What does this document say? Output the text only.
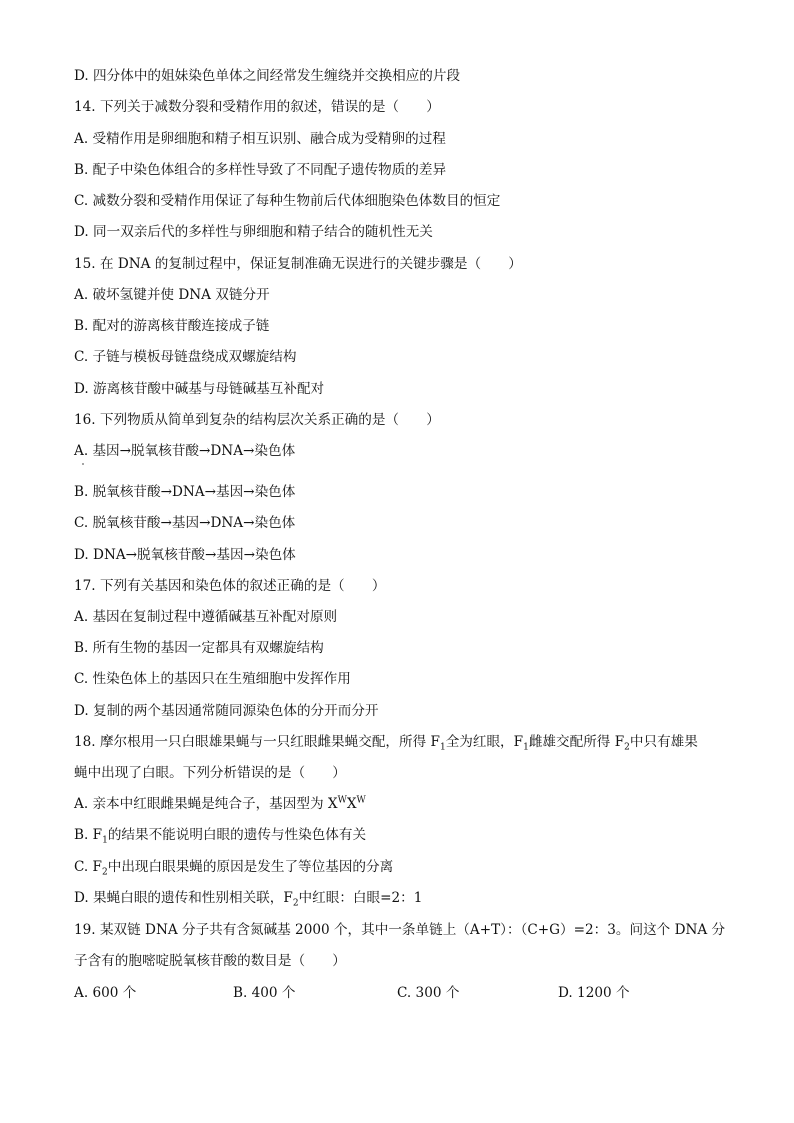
D. 四分体中的姐妹染色单体之间经常发生缠绕并交换相应的片段
14. 下列关于减数分裂和受精作用的叙述，错误的是（　　）
A. 受精作用是卵细胞和精子相互识别、融合成为受精卵的过程
B. 配子中染色体组合的多样性导致了不同配子遗传物质的差异
C. 减数分裂和受精作用保证了每种生物前后代体细胞染色体数目的恒定
D. 同一双亲后代的多样性与卵细胞和精子结合的随机性无关
15. 在 DNA 的复制过程中，保证复制准确无误进行的关键步骤是（　　）
A. 破坏氢键并使 DNA 双链分开
B. 配对的游离核苷酸连接成子链
C. 子链与模板母链盘绕成双螺旋结构
D. 游离核苷酸中碱基与母链碱基互补配对
16. 下列物质从简单到复杂的结构层次关系正确的是（　　）
A. 基因→脱氧核苷酸→DNA→染色体
B. 脱氧核苷酸→DNA→基因→染色体
C. 脱氧核苷酸→基因→DNA→染色体
D. DNA→脱氧核苷酸→基因→染色体
17. 下列有关基因和染色体的叙述正确的是（　　）
A. 基因在复制过程中遵循碱基互补配对原则
B. 所有生物的基因一定都具有双螺旋结构
C. 性染色体上的基因只在生殖细胞中发挥作用
D. 复制的两个基因通常随同源染色体的分开而分开
18. 摩尔根用一只白眼雄果蝇与一只红眼雌果蝇交配，所得 $F_1$全为红眼，$F_1$雌雄交配所得 $F_2$中只有雄果
蝇中出现了白眼。下列分析错误的是（　　）
A. 亲本中红眼雌果蝇是纯合子，基因型为 $X^WX^W$
B. $F_1$的结果不能说明白眼的遗传与性染色体有关
C. $F_2$中出现白眼果蝇的原因是发生了等位基因的分离
D. 果蝇白眼的遗传和性别相关联，$F_2$中红眼：白眼=2：1
19. 某双链 DNA 分子共有含氮碱基 2000 个，其中一条单链上（A+T）：（C+G）=2：3。问这个 DNA 分
子含有的胞嘧啶脱氧核苷酸的数目是（　　）
A. 600 个	B. 400 个	C. 300 个	D. 1200 个
